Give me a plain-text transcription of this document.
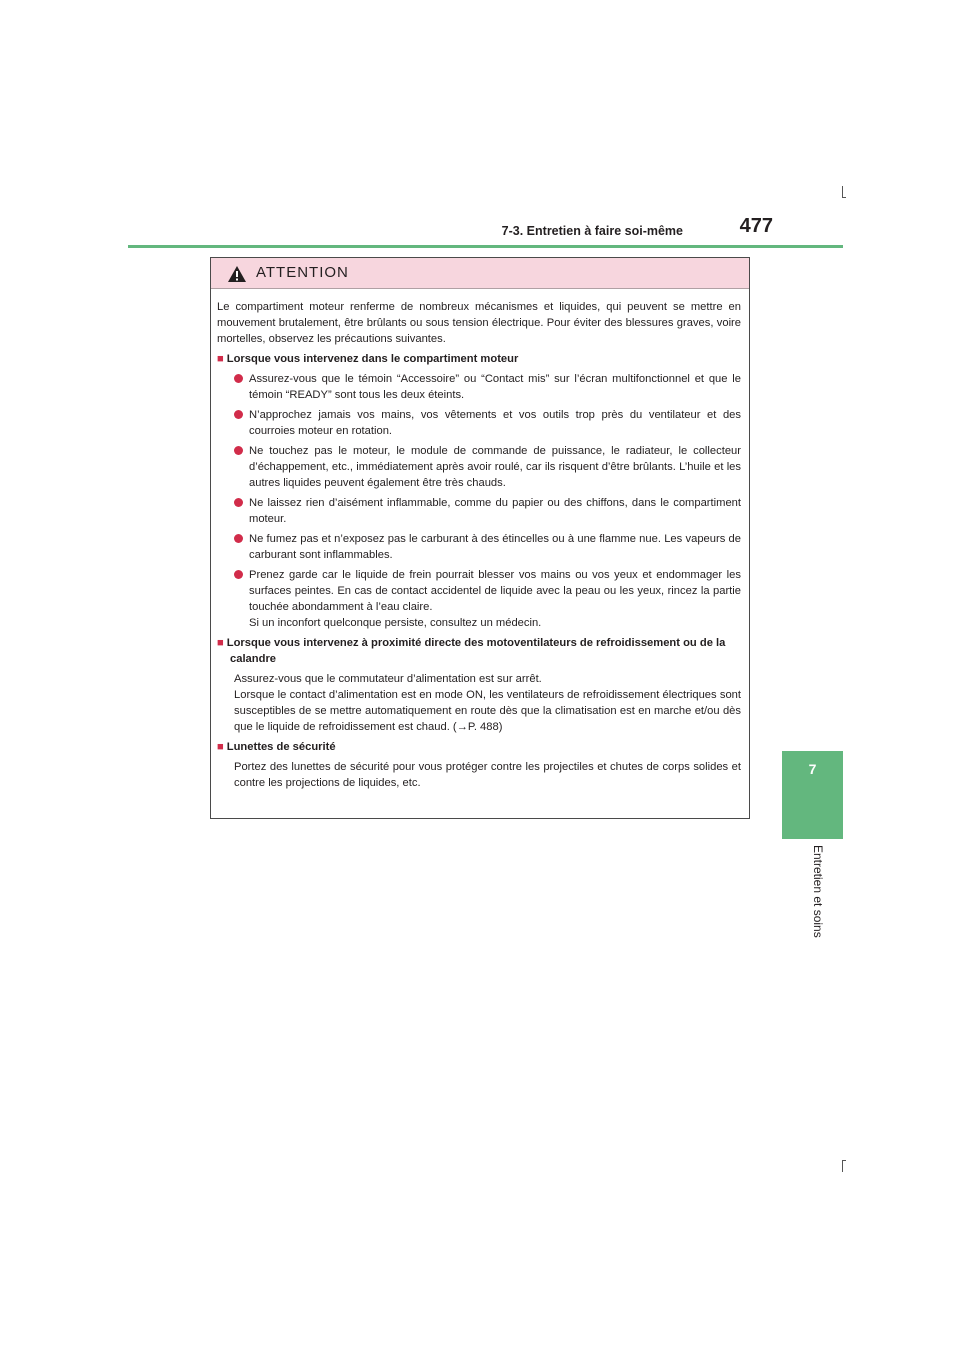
7-3. Entretien à faire soi-même	477
7
Entretien et soins
ATTENTION

Le compartiment moteur renferme de nombreux mécanismes et liquides, qui peuvent se mettre en mouvement brutalement, être brûlants ou sous tension électrique. Pour éviter des blessures graves, voire mortelles, observez les précautions suivantes.

■ Lorsque vous intervenez dans le compartiment moteur

Assurez-vous que le témoin “Accessoire” ou “Contact mis” sur l’écran multifonctionnel et que le témoin “READY” sont tous les deux éteints.

N’approchez jamais vos mains, vos vêtements et vos outils trop près du ventilateur et des courroies moteur en rotation.

Ne touchez pas le moteur, le module de commande de puissance, le radiateur, le collecteur d’échappement, etc., immédiatement après avoir roulé, car ils risquent d’être brûlants. L’huile et les autres liquides peuvent également être très chauds.

Ne laissez rien d’aisément inflammable, comme du papier ou des chiffons, dans le compartiment moteur.

Ne fumez pas et n’exposez pas le carburant à des étincelles ou à une flamme nue. Les vapeurs de carburant sont inflammables.

Prenez garde car le liquide de frein pourrait blesser vos mains ou vos yeux et endommager les surfaces peintes. En cas de contact accidentel de liquide avec la peau ou les yeux, rincez la partie touchée abondamment à l’eau claire.

Si un inconfort quelconque persiste, consultez un médecin.

■ Lorsque vous intervenez à proximité directe des motoventilateurs de refroidissement ou de la calandre

Assurez-vous que le commutateur d’alimentation est sur arrêt.

Lorsque le contact d’alimentation est en mode ON, les ventilateurs de refroidissement électriques sont susceptibles de se mettre automatiquement en route dès que la climatisation est en marche et/ou dès que le liquide de refroidissement est chaud. (→P. 488)

■ Lunettes de sécurité

Portez des lunettes de sécurité pour vous protéger contre les projectiles et chutes de corps solides et contre les projections de liquides, etc.
